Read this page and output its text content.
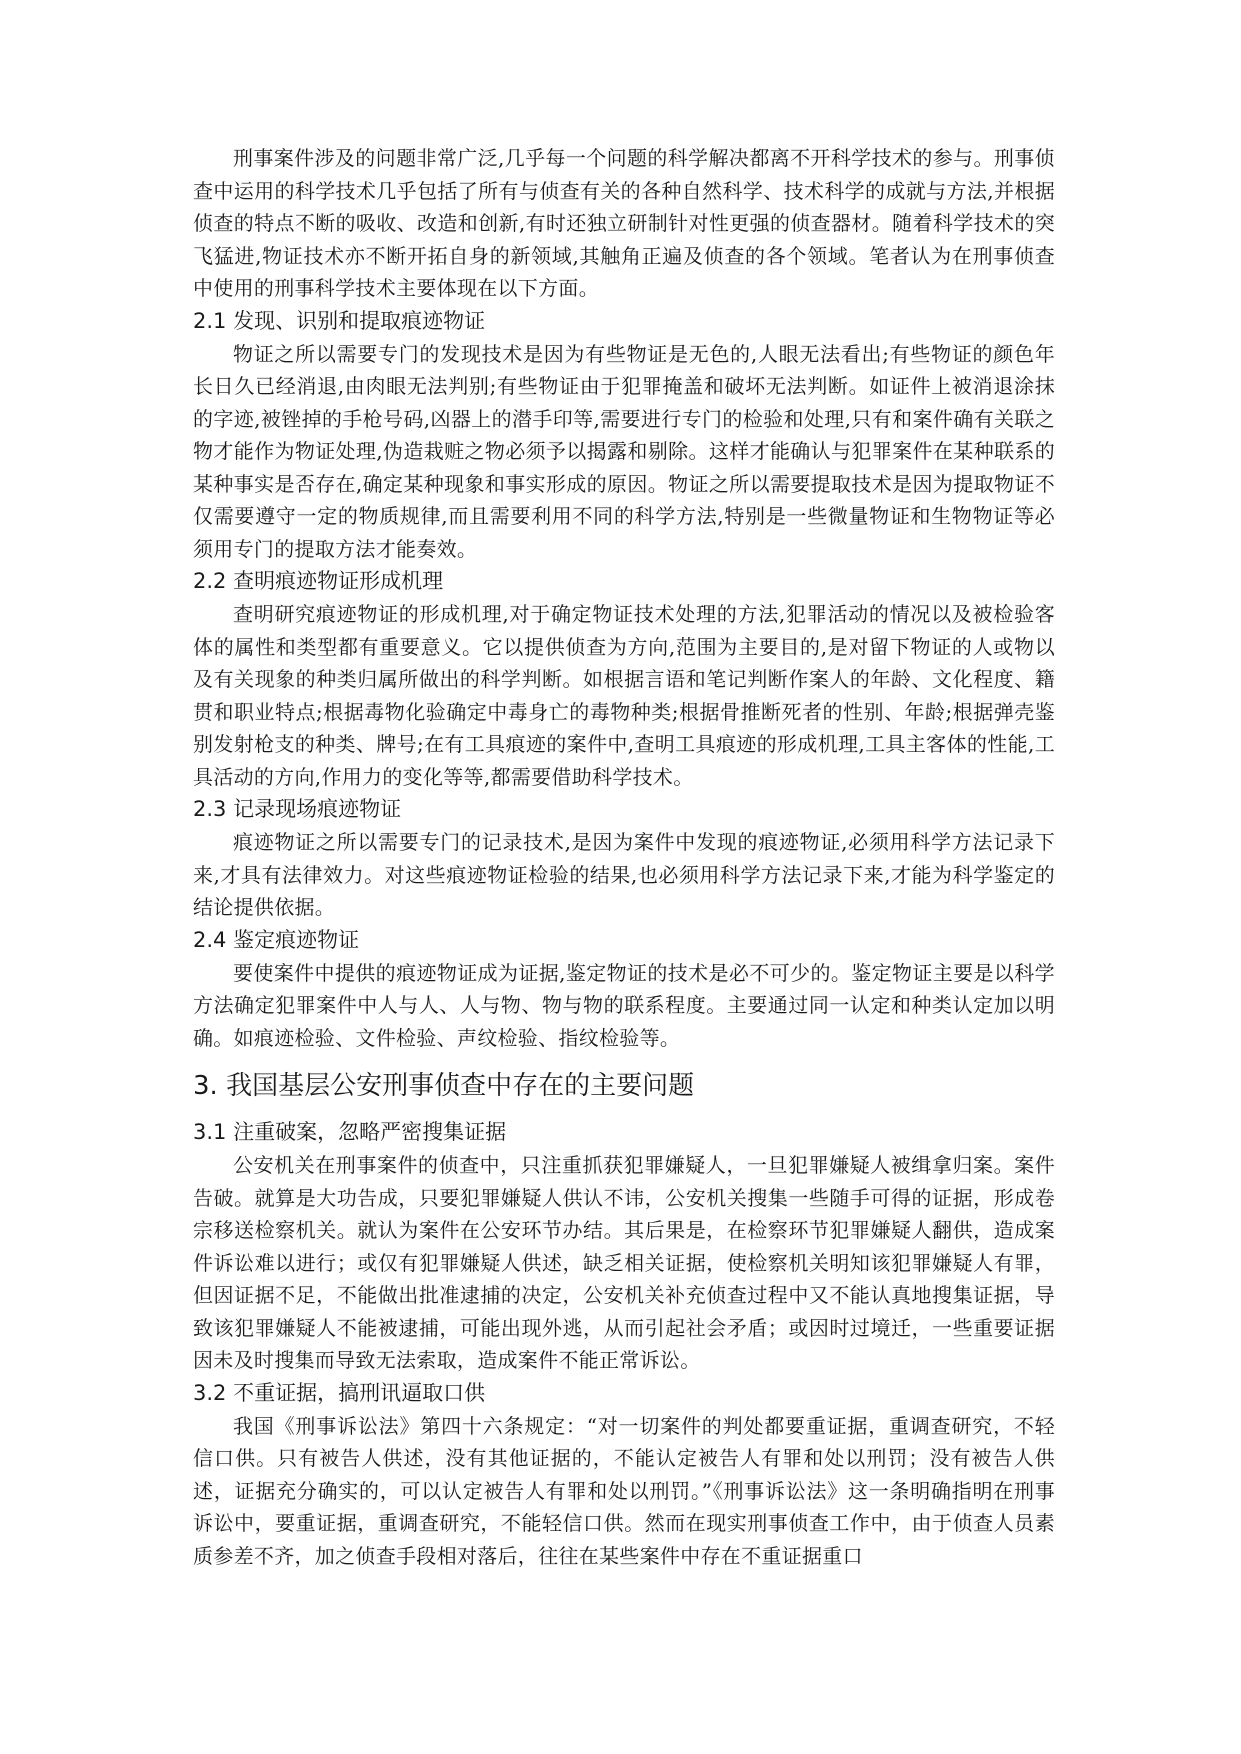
刑事案件涉及的问题非常广泛,几乎每一个问题的科学解决都离不开科学技术的参与。刑事侦查中运用的科学技术几乎包括了所有与侦查有关的各种自然科学、技术科学的成就与方法,并根据侦查的特点不断的吸收、改造和创新,有时还独立研制针对性更强的侦查器材。随着科学技术的突飞猛进,物证技术亦不断开拓自身的新领域,其触角正遍及侦查的各个领域。笔者认为在刑事侦查中使用的刑事科学技术主要体现在以下方面。

2.1 发现、识别和提取痕迹物证

物证之所以需要专门的发现技术是因为有些物证是无色的,人眼无法看出;有些物证的颜色年长日久已经消退,由肉眼无法判别;有些物证由于犯罪掩盖和破坏无法判断。如证件上被消退涂抹的字迹,被锉掉的手枪号码,凶器上的潜手印等,需要进行专门的检验和处理,只有和案件确有关联之物才能作为物证处理,伪造栽赃之物必须予以揭露和剔除。这样才能确认与犯罪案件在某种联系的某种事实是否存在,确定某种现象和事实形成的原因。物证之所以需要提取技术是因为提取物证不仅需要遵守一定的物质规律,而且需要利用不同的科学方法,特别是一些微量物证和生物物证等必须用专门的提取方法才能奏效。

2.2 查明痕迹物证形成机理

查明研究痕迹物证的形成机理,对于确定物证技术处理的方法,犯罪活动的情况以及被检验客体的属性和类型都有重要意义。它以提供侦查为方向,范围为主要目的,是对留下物证的人或物以及有关现象的种类归属所做出的科学判断。如根据言语和笔记判断作案人的年龄、文化程度、籍贯和职业特点;根据毒物化验确定中毒身亡的毒物种类;根据骨推断死者的性别、年龄;根据弹壳鉴别发射枪支的种类、牌号;在有工具痕迹的案件中,查明工具痕迹的形成机理,工具主客体的性能,工具活动的方向,作用力的变化等等,都需要借助科学技术。

2.3 记录现场痕迹物证

痕迹物证之所以需要专门的记录技术,是因为案件中发现的痕迹物证,必须用科学方法记录下来,才具有法律效力。对这些痕迹物证检验的结果,也必须用科学方法记录下来,才能为科学鉴定的结论提供依据。

2.4 鉴定痕迹物证

要使案件中提供的痕迹物证成为证据,鉴定物证的技术是必不可少的。鉴定物证主要是以科学方法确定犯罪案件中人与人、人与物、物与物的联系程度。主要通过同一认定和种类认定加以明确。如痕迹检验、文件检验、声纹检验、指纹检验等。

3. 我国基层公安刑事侦查中存在的主要问题
3.1 注重破案，忽略严密搜集证据

公安机关在刑事案件的侦查中，只注重抓获犯罪嫌疑人，一旦犯罪嫌疑人被缉拿归案。案件告破。就算是大功告成，只要犯罪嫌疑人供认不讳，公安机关搜集一些随手可得的证据，形成卷宗移送检察机关。就认为案件在公安环节办结。其后果是，在检察环节犯罪嫌疑人翻供，造成案件诉讼难以进行；或仅有犯罪嫌疑人供述，缺乏相关证据，使检察机关明知该犯罪嫌疑人有罪，但因证据不足，不能做出批准逮捕的决定，公安机关补充侦查过程中又不能认真地搜集证据，导致该犯罪嫌疑人不能被逮捕，可能出现外逃，从而引起社会矛盾；或因时过境迁，一些重要证据因未及时搜集而导致无法索取，造成案件不能正常诉讼。

3.2 不重证据，搞刑讯逼取口供

我国《刑事诉讼法》第四十六条规定：“对一切案件的判处都要重证据，重调查研究，不轻信口供。只有被告人供述，没有其他证据的，不能认定被告人有罪和处以刑罚；没有被告人供述，证据充分确实的，可以认定被告人有罪和处以刑罚。”《刑事诉讼法》这一条明确指明在刑事诉讼中，要重证据，重调查研究，不能轻信口供。然而在现实刑事侦查工作中，由于侦查人员素质参差不齐，加之侦查手段相对落后，往往在某些案件中存在不重证据重口
